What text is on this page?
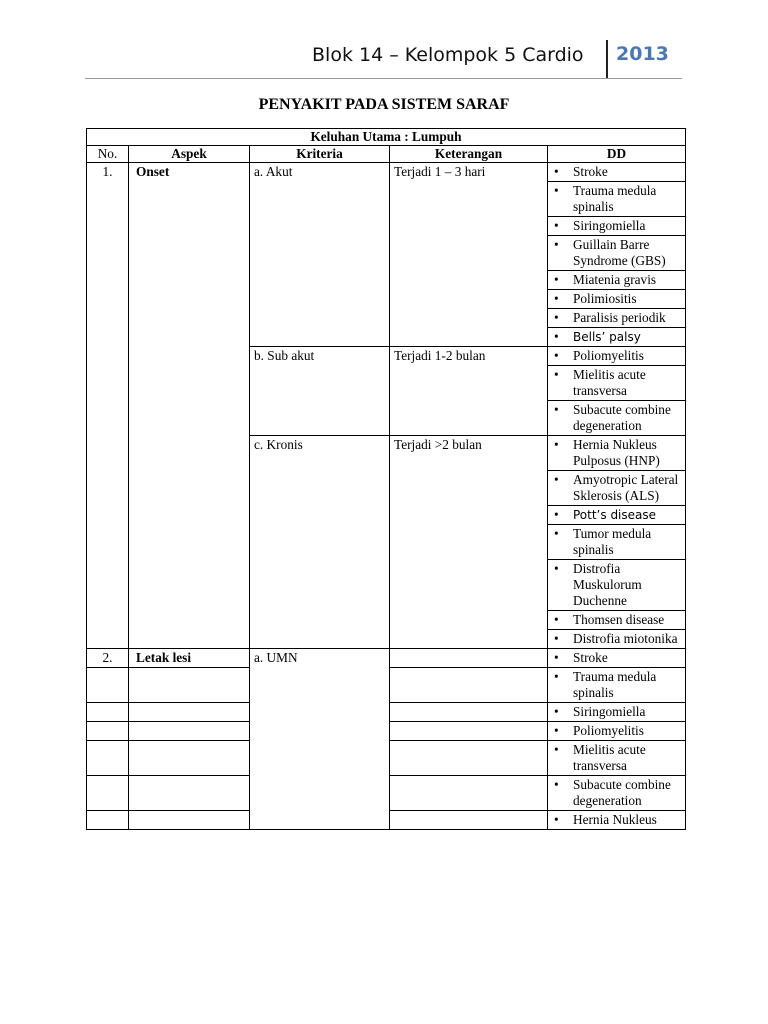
Blok 14 – Kelompok 5 Cardio 2013
PENYAKIT PADA SISTEM SARAF
Keluhan Utama : Lumpuh				
No.	Aspek	Kriteria	Keterangan	DD
1.	Onset	a. Akut	Terjadi 1 – 3 hari	• Stroke

				• Trauma medula spinalis

				• Siringomiella

				• Guillain Barre Syndrome (GBS)

				• Miatenia gravis

				• Polimiositis

				• Paralisis periodik

				• Bells’ palsy

		b. Sub akut	Terjadi 1-2 bulan	• Poliomyelitis

				• Mielitis acute transversa

				• Subacute combine degeneration

		c. Kronis	Terjadi >2 bulan	• Hernia Nukleus Pulposus (HNP)

				• Amyotropic Lateral Sklerosis (ALS)

				• Pott’s disease

				• Tumor medula spinalis

				• Distrofia Muskulorum Duchenne

				• Thomsen disease

				• Distrofia miotonika

2.	Letak lesi	a. UMN		• Stroke

				• Trauma medula spinalis

				• Siringomiella

				• Poliomyelitis

				• Mielitis acute transversa

				• Subacute combine degeneration

				• Hernia Nukleus
